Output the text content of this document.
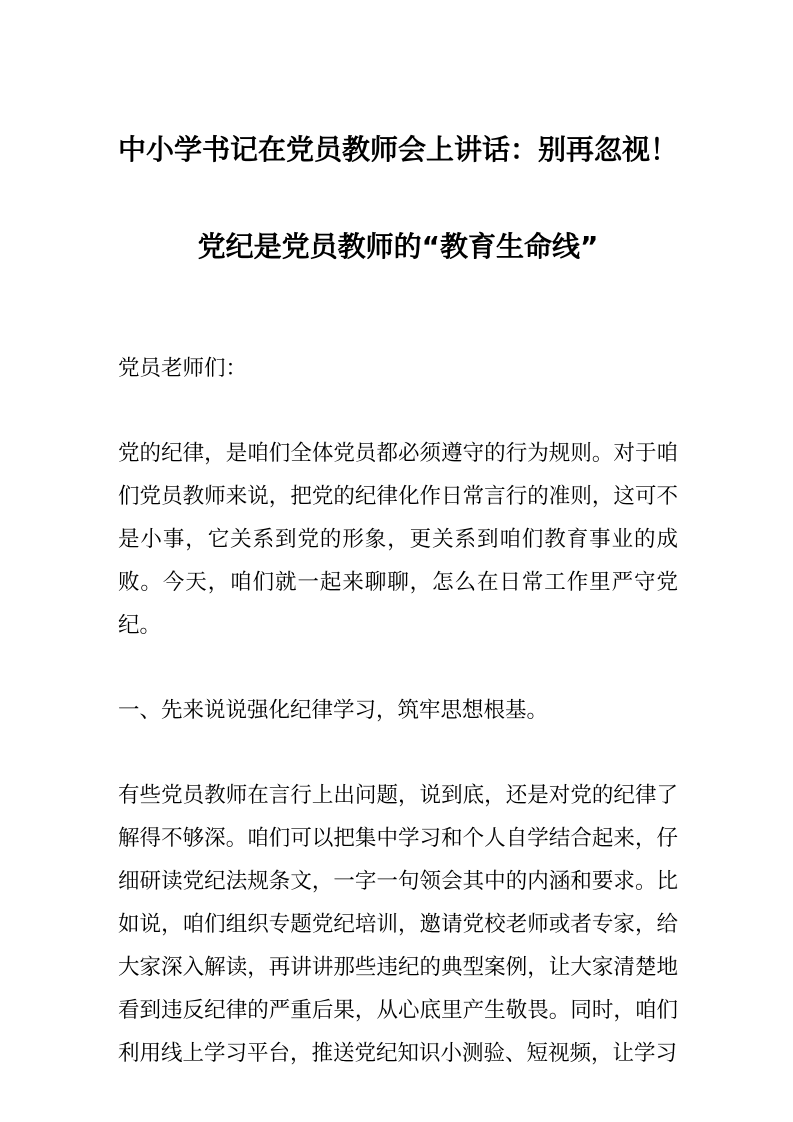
中小学书记在党员教师会上讲话：别再忽视！
党纪是党员教师的“教育生命线”

党员老师们：

党的纪律，是咱们全体党员都必须遵守的行为规则。对于咱们党员教师来说，把党的纪律化作日常言行的准则，这可不是小事，它关系到党的形象，更关系到咱们教育事业的成败。今天，咱们就一起来聊聊，怎么在日常工作里严守党纪。

一、先来说说强化纪律学习，筑牢思想根基。

有些党员教师在言行上出问题，说到底，还是对党的纪律了解得不够深。咱们可以把集中学习和个人自学结合起来，仔细研读党纪法规条文，一字一句领会其中的内涵和要求。比如说，咱们组织专题党纪培训，邀请党校老师或者专家，给大家深入解读，再讲讲那些违纪的典型案例，让大家清楚地看到违反纪律的严重后果，从心底里产生敬畏。同时，咱们利用线上学习平台，推送党纪知识小测验、短视频，让学习
